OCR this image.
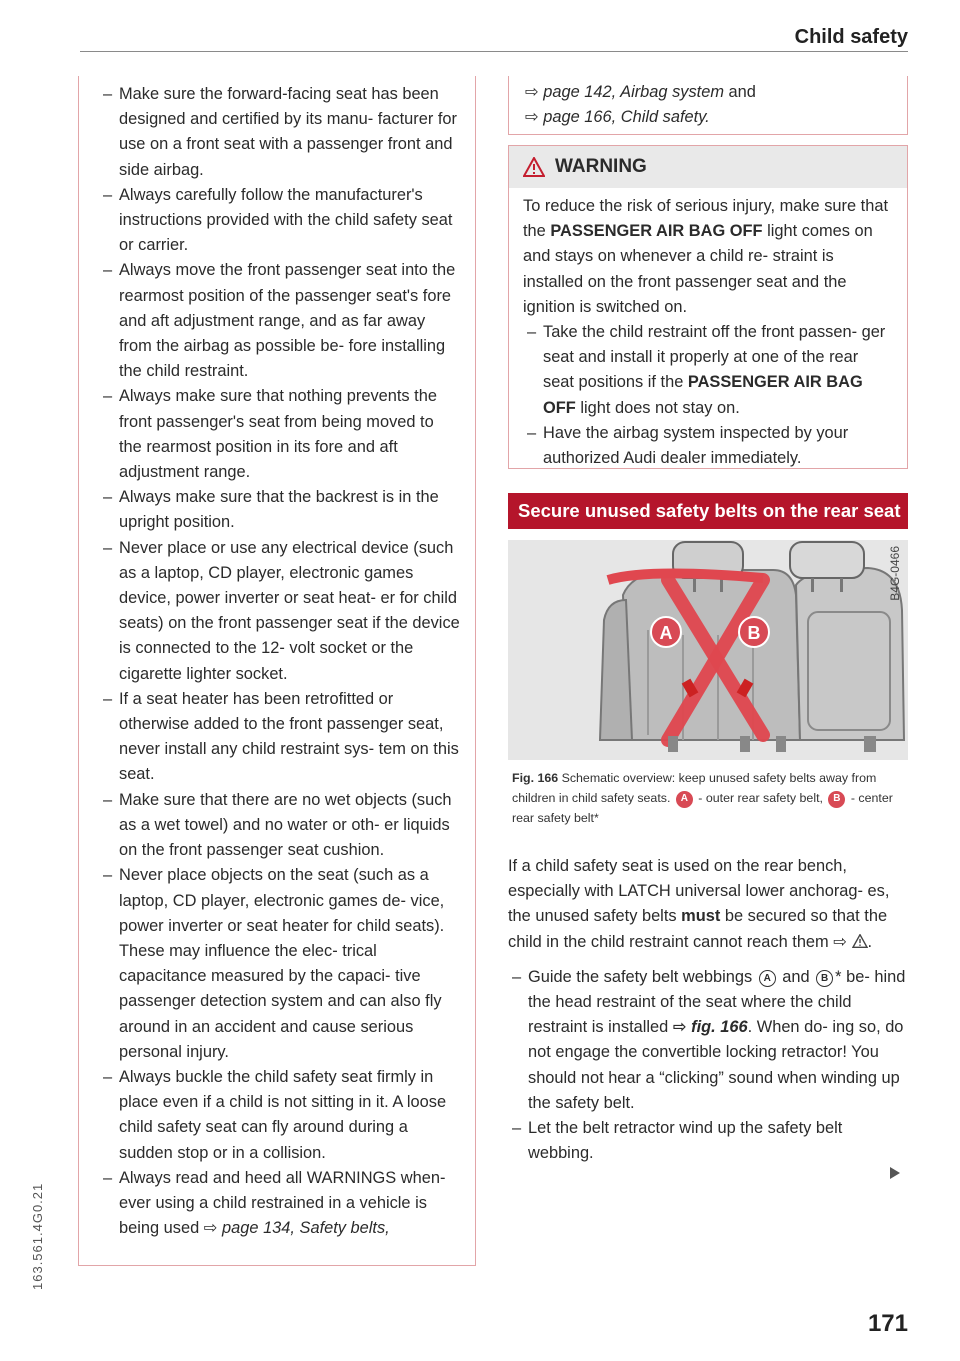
Child safety
163.561.4G0.21
– Make sure the forward-facing seat has been designed and certified by its manu- facturer for use on a front seat with a passenger front and side airbag.
– Always carefully follow the manufacturer's instructions provided with the child safety seat or carrier.
– Always move the front passenger seat into the rearmost position of the passenger seat's fore and aft adjustment range, and as far away from the airbag as possible be- fore installing the child restraint.
– Always make sure that nothing prevents the front passenger's seat from being moved to the rearmost position in its fore and aft adjustment range.
– Always make sure that the backrest is in the upright position.
– Never place or use any electrical device (such as a laptop, CD player, electronic games device, power inverter or seat heat- er for child seats) on the front passenger seat if the device is connected to the 12- volt socket or the cigarette lighter socket.
– If a seat heater has been retrofitted or otherwise added to the front passenger seat, never install any child restraint sys- tem on this seat.
– Make sure that there are no wet objects (such as a wet towel) and no water or oth- er liquids on the front passenger seat cushion.
– Never place objects on the seat (such as a laptop, CD player, electronic games de- vice, power inverter or seat heater for child seats). These may influence the elec- trical capacitance measured by the capaci- tive passenger detection system and can also fly around in an accident and cause serious personal injury.
– Always buckle the child safety seat firmly in place even if a child is not sitting in it. A loose child safety seat can fly around during a sudden stop or in a collision.
– Always read and heed all WARNINGS when- ever using a child restrained in a vehicle is being used ⇨ page 134, Safety belts,
⇨ page 142, Airbag system and
⇨ page 166, Child safety.
WARNING
To reduce the risk of serious injury, make sure that the PASSENGER AIR BAG OFF light comes on and stays on whenever a child re- straint is installed on the front passenger seat and the ignition is switched on.
– Take the child restraint off the front passen- ger seat and install it properly at one of the rear seat positions if the PASSENGER AIR BAG OFF light does not stay on.
– Have the airbag system inspected by your authorized Audi dealer immediately.
Secure unused safety belts on the rear seat
A	B
B4G-0466
Fig. 166 Schematic overview: keep unused safety belts away from children in child safety seats. A - outer rear safety belt, B - center rear safety belt*

If a child safety seat is used on the rear bench, especially with LATCH universal lower anchorag- es, the unused safety belts must be secured so that the child in the child restraint cannot reach them ⇨ .

– Guide the safety belt webbings A and B * be- hind the head restraint of the seat where the child restraint is installed ⇨ fig. 166. When do- ing so, do not engage the convertible locking retractor! You should not hear a “clicking” sound when winding up the safety belt.
– Let the belt retractor wind up the safety belt webbing.
171
